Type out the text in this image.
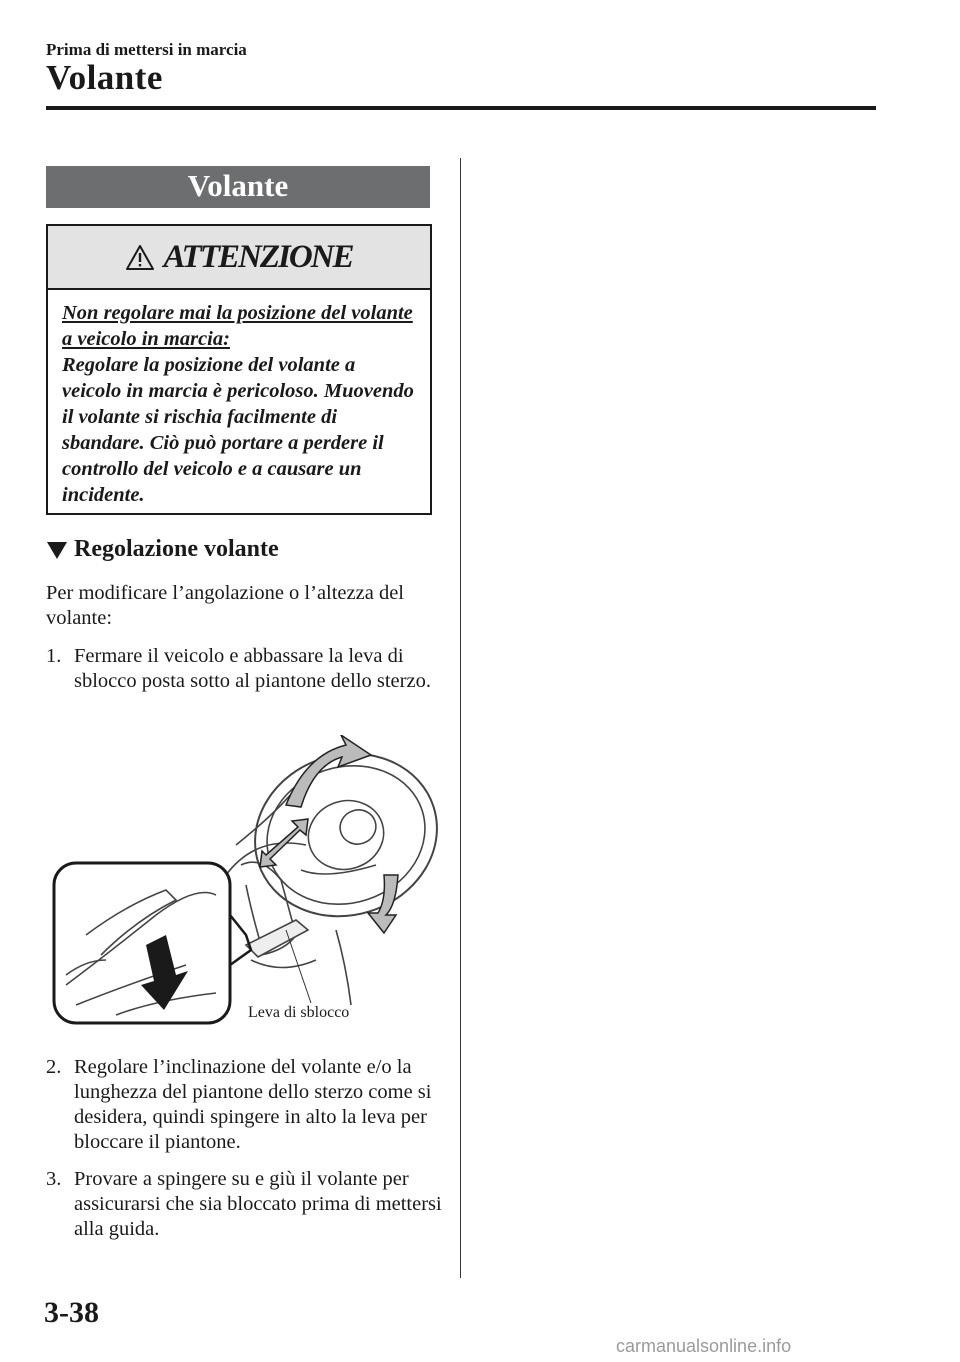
Prima di mettersi in marcia
Volante
Volante
ATTENZIONE
Non regolare mai la posizione del volante a veicolo in marcia:
Regolare la posizione del volante a veicolo in marcia è pericoloso. Muovendo il volante si rischia facilmente di sbandare. Ciò può portare a perdere il controllo del veicolo e a causare un incidente.
Regolazione volante
Per modificare l’angolazione o l’altezza del volante:
1. Fermare il veicolo e abbassare la leva di sblocco posta sotto al piantone dello sterzo.
Leva di sblocco
2. Regolare l’inclinazione del volante e/o la lunghezza del piantone dello sterzo come si desidera, quindi spingere in alto la leva per bloccare il piantone.
3. Provare a spingere su e giù il volante per assicurarsi che sia bloccato prima di mettersi alla guida.
3-38
carmanualsonline.info
